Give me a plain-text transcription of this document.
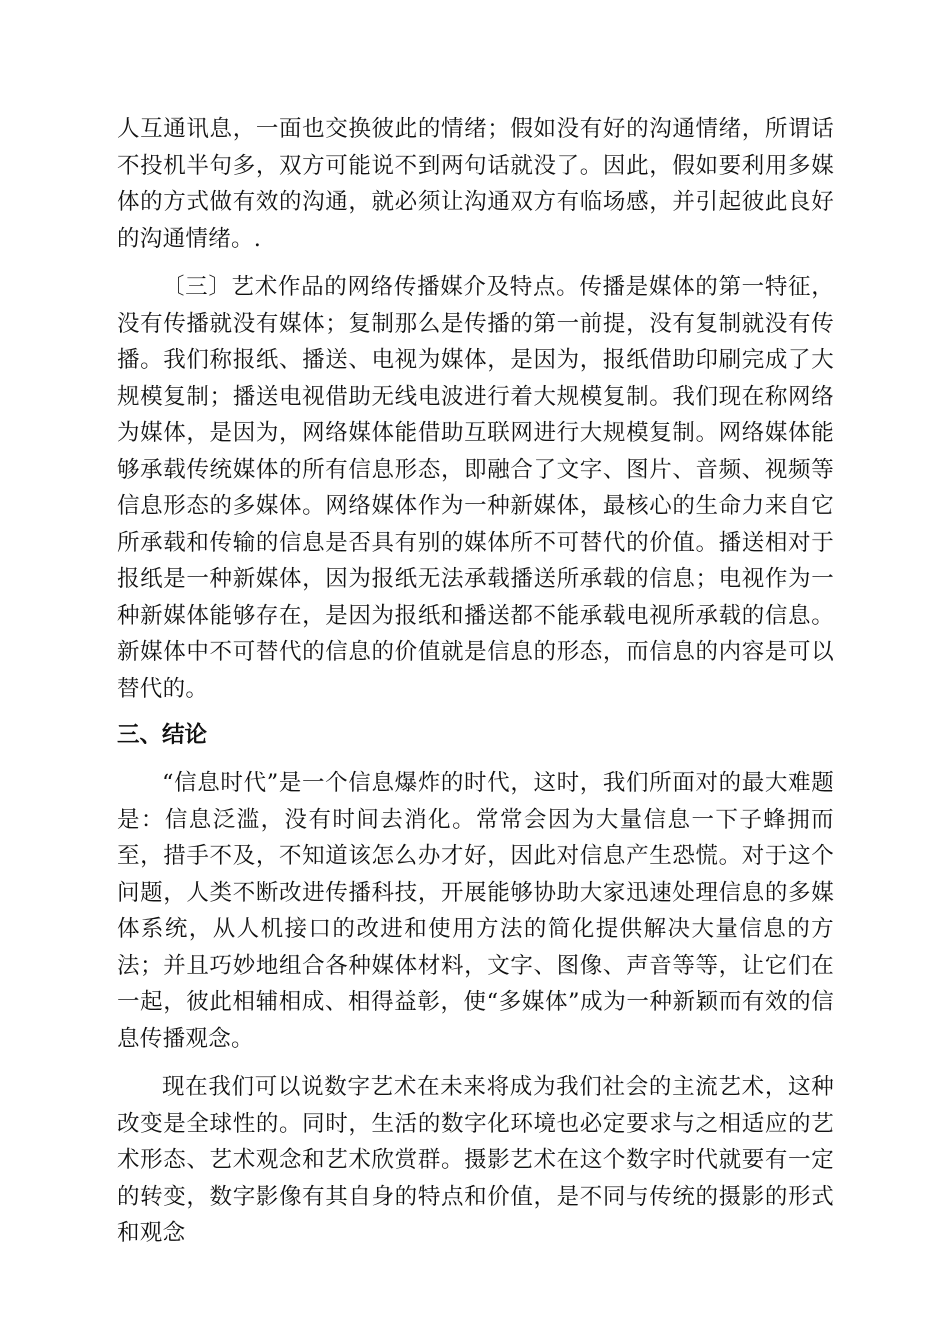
人互通讯息，一面也交换彼此的情绪；假如没有好的沟通情绪，所谓话不投机半句多，双方可能说不到两句话就没了。因此，假如要利用多媒体的方式做有效的沟通，就必须让沟通双方有临场感，并引起彼此良好的沟通情绪。.

〔三〕艺术作品的网络传播媒介及特点。传播是媒体的第一特征，没有传播就没有媒体；复制那么是传播的第一前提，没有复制就没有传播。我们称报纸、播送、电视为媒体，是因为，报纸借助印刷完成了大规模复制；播送电视借助无线电波进行着大规模复制。我们现在称网络为媒体，是因为，网络媒体能借助互联网进行大规模复制。网络媒体能够承载传统媒体的所有信息形态，即融合了文字、图片、音频、视频等信息形态的多媒体。网络媒体作为一种新媒体，最核心的生命力来自它所承载和传输的信息是否具有别的媒体所不可替代的价值。播送相对于报纸是一种新媒体，因为报纸无法承载播送所承载的信息；电视作为一种新媒体能够存在，是因为报纸和播送都不能承载电视所承载的信息。新媒体中不可替代的信息的价值就是信息的形态，而信息的内容是可以替代的。

三、结论

“信息时代”是一个信息爆炸的时代，这时，我们所面对的最大难题是：信息泛滥，没有时间去消化。常常会因为大量信息一下子蜂拥而至，措手不及，不知道该怎么办才好，因此对信息产生恐慌。对于这个问题，人类不断改进传播科技，开展能够协助大家迅速处理信息的多媒体系统，从人机接口的改进和使用方法的简化提供解决大量信息的方法；并且巧妙地组合各种媒体材料，文字、图像、声音等等，让它们在一起，彼此相辅相成、相得益彰，使“多媒体”成为一种新颖而有效的信息传播观念。

现在我们可以说数字艺术在未来将成为我们社会的主流艺术，这种改变是全球性的。同时，生活的数字化环境也必定要求与之相适应的艺术形态、艺术观念和艺术欣赏群。摄影艺术在这个数字时代就要有一定的转变，数字影像有其自身的特点和价值，是不同与传统的摄影的形式和观念
